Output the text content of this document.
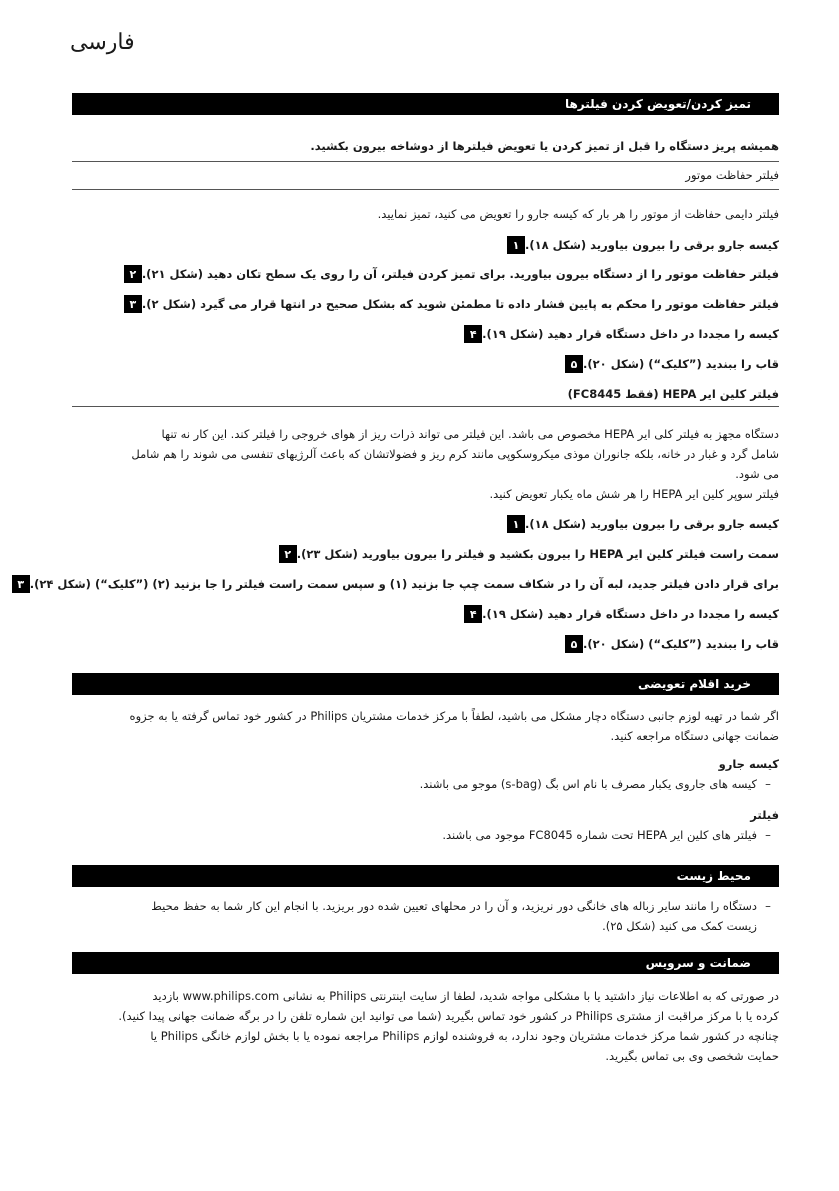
فارسی
تمیز کردن/تعویض کردن فیلترها
همیشه پریز دستگاه را قبل از تمیز کردن یا تعویض فیلترها از دوشاخه بیرون بکشید.
فیلتر حفاظت موتور
فیلتر دایمی حفاظت از موتور را هر بار که کیسه جارو را تعویض می کنید، تمیز نمایید.
۱ کیسه جارو برقی را بیرون بیاورید (شکل ۱۸).
۲ فیلتر حفاظت موتور را از دستگاه بیرون بیاورید. برای تمیز کردن فیلتر، آن را روی یک سطح تکان دهید (شکل ۲۱).
۳ فیلتر حفاظت موتور را محکم به پایین فشار داده تا مطمئن شوید که بشکل صحیح در انتها قرار می گیرد (شکل ۲).
۴ کیسه را مجددا در داخل دستگاه قرار دهید (شکل ۱۹).
۵ قاب را ببندید (”کلیک“) (شکل ۲۰).
فیلتر کلین ایر HEPA (فقط FC8445)
دستگاه مجهز به فیلتر کلی ایر HEPA مخصوص می باشد. این فیلتر می تواند ذرات ریز از هوای خروجی را فیلتر کند. این کار نه تنها
شامل گرد و غبار در خانه، بلکه جانوران موذی میکروسکوپی مانند کرم ریز و فضولاتشان که باعث آلرژیهای تنفسی می شوند را هم شامل
می شود.
فیلتر سوپر کلین ایر HEPA را هر شش ماه یکبار تعویض کنید.
۱ کیسه جارو برقی را بیرون بیاورید (شکل ۱۸).
۲ سمت راست فیلتر کلین ایر HEPA را بیرون بکشید و فیلتر را بیرون بیاورید (شکل ۲۳).
۳ برای قرار دادن فیلتر جدید، لبه آن را در شکاف سمت چپ جا بزنید (۱) و سپس سمت راست فیلتر را جا بزنید (۲) (”کلیک“) (شکل ۲۴).
۴ کیسه را مجددا در داخل دستگاه قرار دهید (شکل ۱۹).
۵ قاب را ببندید (”کلیک“) (شکل ۲۰).
خرید اقلام تعویضی
اگر شما در تهیه لوزم جانبی دستگاه دچار مشکل می باشید، لطفاً با مرکز خدمات مشتریان Philips در کشور خود تماس گرفته یا به جزوه
ضمانت جهانی دستگاه مراجعه کنید.
کیسه جارو
–کیسه های جاروی یکبار مصرف با نام اس بگ (s-bag) موجو می باشند.
فیلتر
–فیلتر های کلین ایر HEPA تحت شماره FC8045 موجود می باشند.
محیط زیست
–دستگاه را مانند سایر زباله های خانگی دور نریزید، و آن را در محلهای تعیین شده دور بریزید. با انجام این کار شما به حفظ محیط
زیست کمک می کنید (شکل ۲۵).
ضمانت و سرویس
در صورتی که به اطلاعات نیاز داشتید یا با مشکلی مواجه شدید، لطفا از سایت اینترنتی Philips به نشانی www.philips.com بازدید
کرده یا با مرکز مراقبت از مشتری Philips در کشور خود تماس بگیرید (شما می توانید این شماره تلفن را در برگه ضمانت جهانی پیدا کنید).
چنانچه در کشور شما مرکز خدمات مشتریان وجود ندارد، به فروشنده لوازم Philips مراجعه نموده یا با بخش لوازم خانگی Philips یا
حمایت شخصی وی بی تماس بگیرید.
